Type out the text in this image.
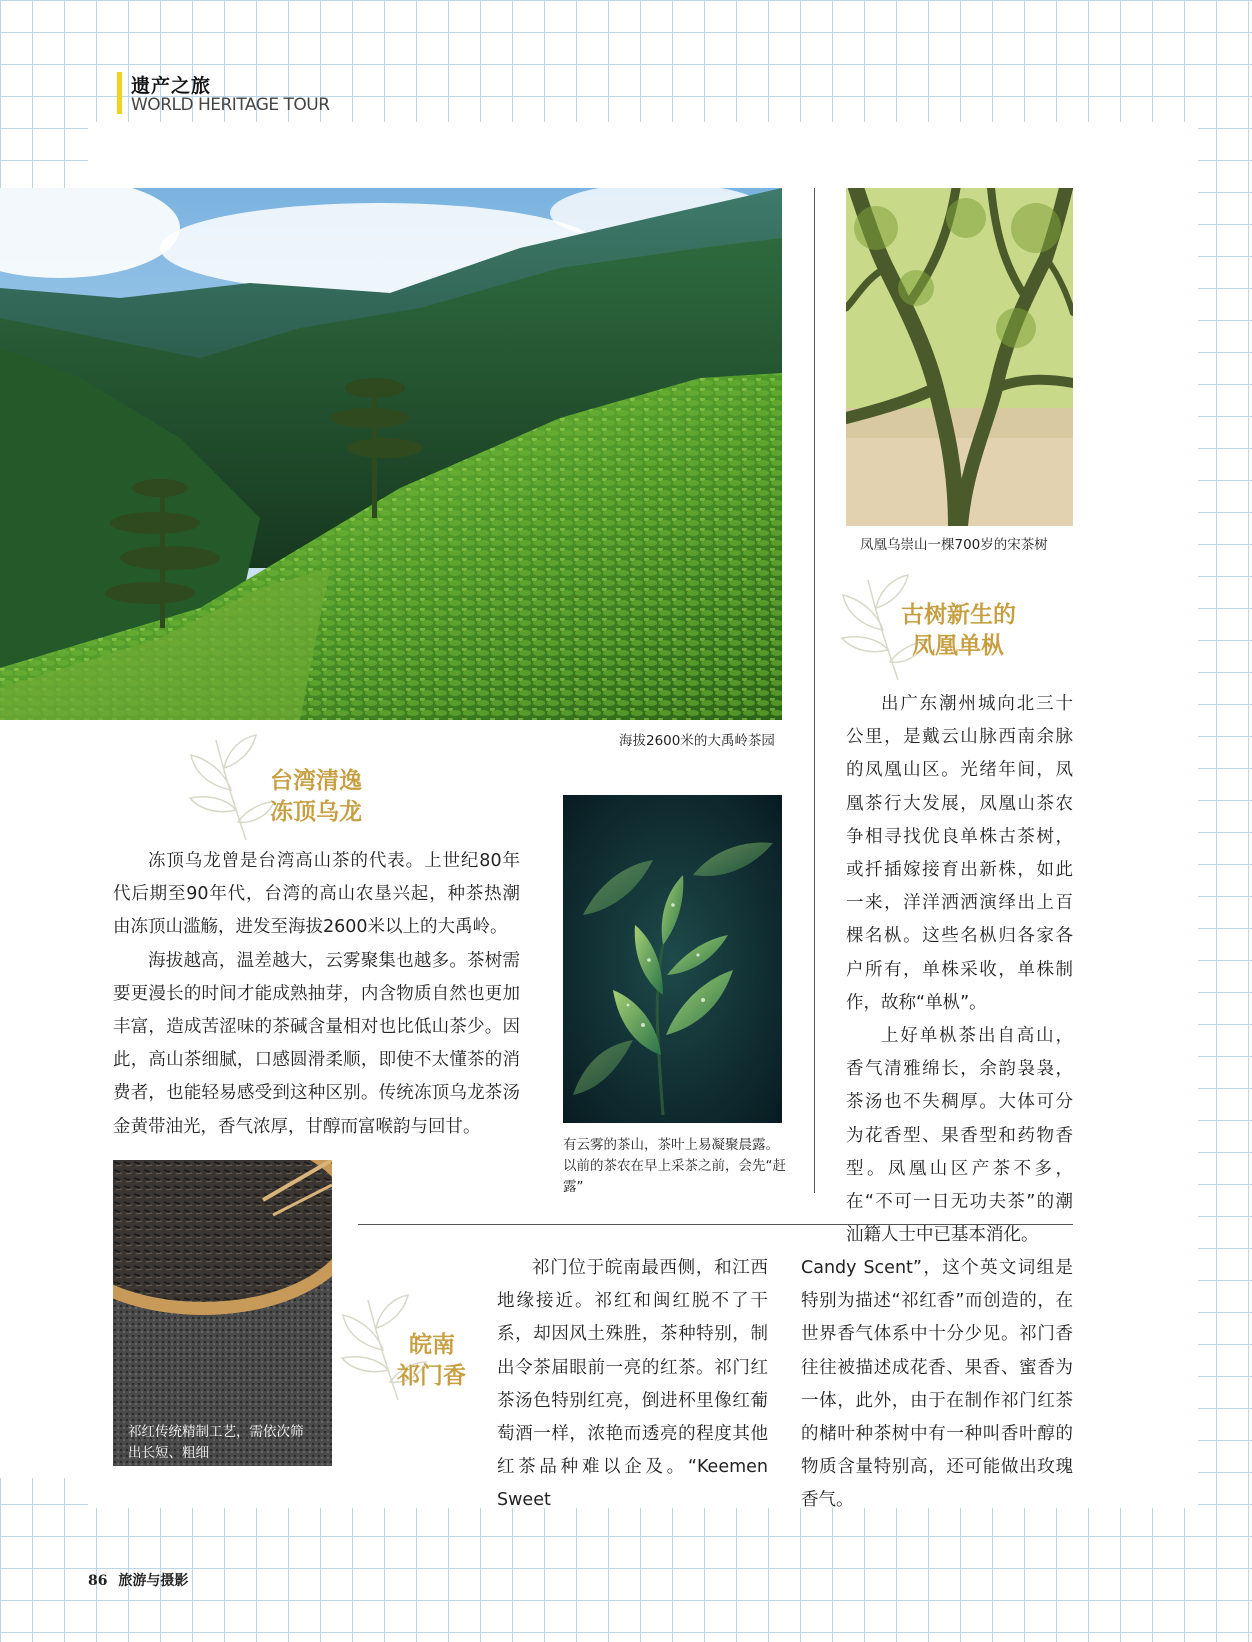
遗产之旅
WORLD HERITAGE TOUR
海拔2600米的大禹岭茶园
凤凰乌崇山一棵700岁的宋茶树
古树新生的
凤凰单枞

出广东潮州城向北三十公里，是戴云山脉西南余脉的凤凰山区。光绪年间，凤凰茶行大发展，凤凰山茶农争相寻找优良单株古茶树，或扦插嫁接育出新株，如此一来，洋洋洒洒演绎出上百棵名枞。这些名枞归各家各户所有，单株采收，单株制作，故称“单枞”。

上好单枞茶出自高山，香气清雅绵长，余韵袅袅，茶汤也不失稠厚。大体可分为花香型、果香型和药物香型。凤凰山区产茶不多，在“不可一日无功夫茶”的潮汕籍人士中已基本消化。

台湾清逸
冻顶乌龙

冻顶乌龙曾是台湾高山茶的代表。上世纪80年代后期至90年代，台湾的高山农垦兴起，种茶热潮由冻顶山滥觞，进发至海拔2600米以上的大禹岭。

海拔越高，温差越大，云雾聚集也越多。茶树需要更漫长的时间才能成熟抽芽，内含物质自然也更加丰富，造成苦涩味的茶碱含量相对也比低山茶少。因此，高山茶细腻，口感圆滑柔顺，即使不太懂茶的消费者，也能轻易感受到这种区别。传统冻顶乌龙茶汤金黄带油光，香气浓厚，甘醇而富喉韵与回甘。

有云雾的茶山，茶叶上易凝聚晨露。以前的茶农在早上采茶之前，会先“赶露”
祁红传统精制工艺，需依次筛出长短、粗细
皖南
祁门香

祁门位于皖南最西侧，和江西地缘接近。祁红和闽红脱不了干系，却因风土殊胜，茶种特别，制出令茶届眼前一亮的红茶。祁门红茶汤色特别红亮，倒进杯里像红葡萄酒一样，浓艳而透亮的程度其他红茶品种难以企及。“Keemen Sweet

Candy Scent”，这个英文词组是特别为描述“祁红香”而创造的，在世界香气体系中十分少见。祁门香往往被描述成花香、果香、蜜香为一体，此外，由于在制作祁门红茶的槠叶种茶树中有一种叫香叶醇的物质含量特别高，还可能做出玫瑰香气。

86 旅游与摄影
